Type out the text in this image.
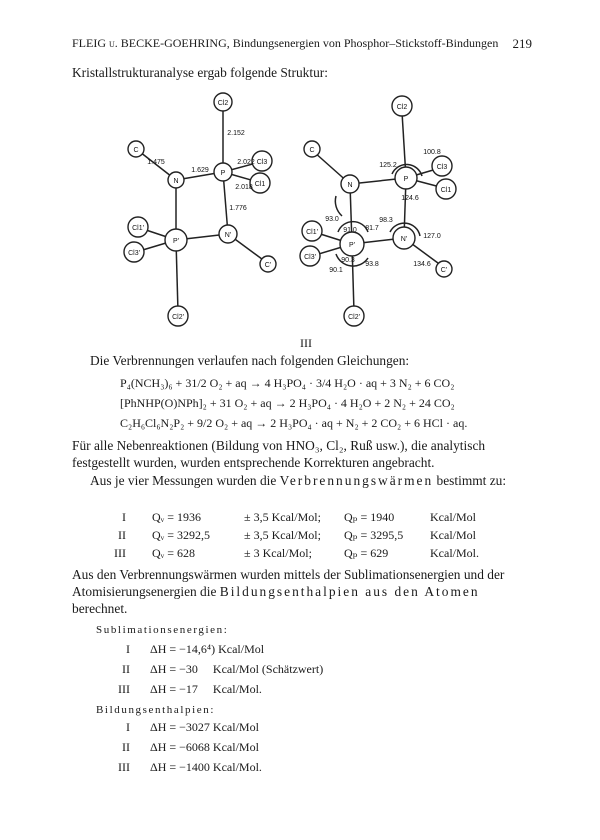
FLEIG u. BECKE-GOEHRING, Bindungsenergien von Phosphor–Stickstoff-Bindungen 219
Kristallstrukturanalyse ergab folgende Struktur:
Cl2
C
N
P
Cl3
Cl1
Cl1'
Cl3'
P'
N'
C'
Cl2'
2.152
1.475
1.629
2.022
2.018
1.776
Cl2
C
N
P
Cl3
Cl1
Cl1'
Cl3'
P'
N'
C'
Cl2'
100.8
125.2
124.6
98.3
127.0
93.0
91.0 81.7
90.3
93.8
90.1
134.6
III
Die Verbrennungen verlaufen nach folgenden Gleichungen:
P₄(NCH₃)₆ + 31/2 O₂ + aq → 4 H₃PO₄ · 3/4 H₂O · aq + 3 N₂ + 6 CO₂
[PhNHP(O)NPh]₂ + 31 O₂ + aq → 2 H₃PO₄ · 4 H₂O + 2 N₂ + 24 CO₂
C₂H₆Cl₆N₂P₂ + 9/2 O₂ + aq → 2 H₃PO₄ · aq + N₂ + 2 CO₂ + 6 HCl · aq.
Für alle Nebenreaktionen (Bildung von HNO₃, Cl₂, Ruß usw.), die analytisch festgestellt wurden, wurden entsprechende Korrekturen angebracht.
Aus je vier Messungen wurden die Verbrennungswärmen bestimmt zu:
I Qᵥ = 1936	± 3,5 Kcal/Mol; Qₚ = 1940	Kcal/Mol
II Qᵥ = 3292,5	± 3,5 Kcal/Mol; Qₚ = 3295,5 Kcal/Mol
III Qᵥ = 628	± 3 Kcal/Mol;	Qₚ = 629	Kcal/Mol.
Aus den Verbrennungswärmen wurden mittels der Sublimationsenergien und der Atomisierungsenergien die Bildungsenthalpien aus den Atomen berechnet.
Sublimationsenergien:
I ΔH = −14,6⁴) Kcal/Mol
II ΔH = −30     Kcal/Mol (Schätzwert)
III ΔH = −17     Kcal/Mol.
Bildungsenthalpien:
I ΔH = −3027 Kcal/Mol
II ΔH = −6068 Kcal/Mol
III ΔH = −1400 Kcal/Mol.
